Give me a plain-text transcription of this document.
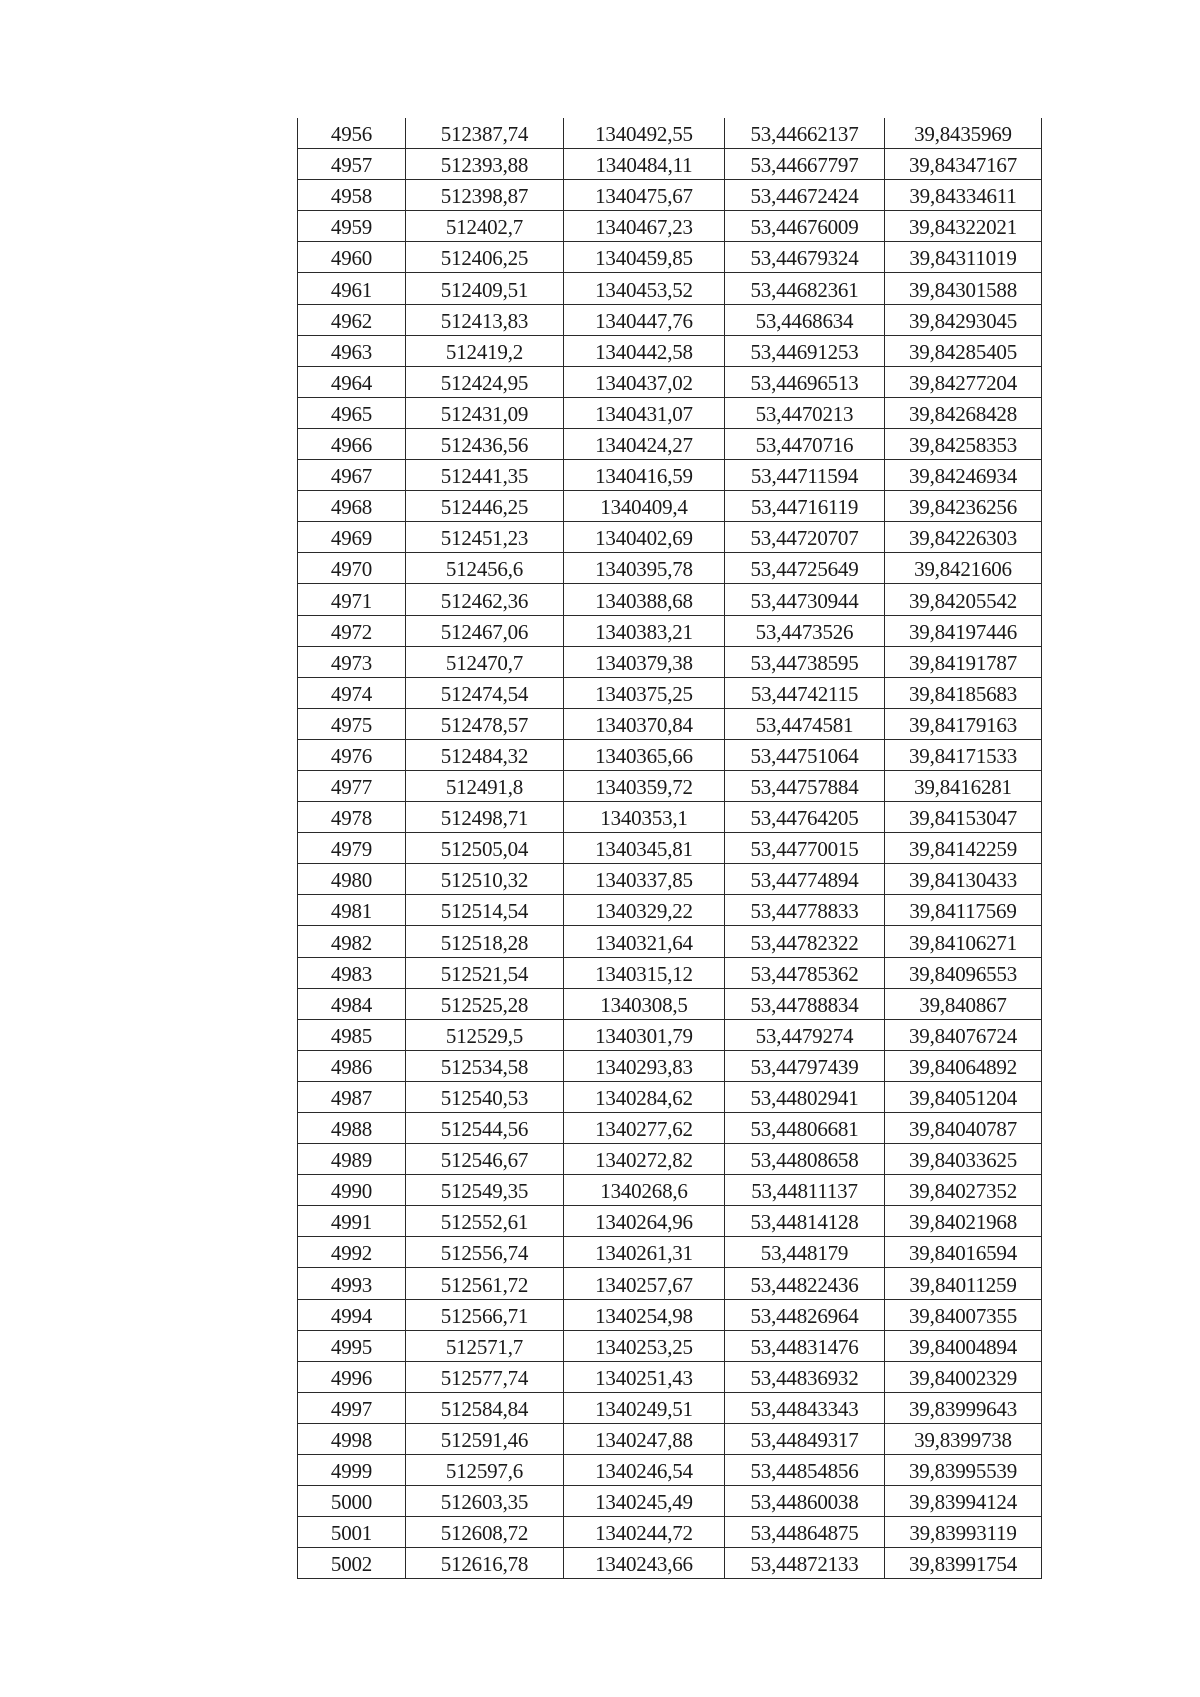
4956	512387,74	1340492,55	53,44662137	39,8435969
4957	512393,88	1340484,11	53,44667797	39,84347167
4958	512398,87	1340475,67	53,44672424	39,84334611
4959	512402,7	1340467,23	53,44676009	39,84322021
4960	512406,25	1340459,85	53,44679324	39,84311019
4961	512409,51	1340453,52	53,44682361	39,84301588
4962	512413,83	1340447,76	53,4468634	39,84293045
4963	512419,2	1340442,58	53,44691253	39,84285405
4964	512424,95	1340437,02	53,44696513	39,84277204
4965	512431,09	1340431,07	53,4470213	39,84268428
4966	512436,56	1340424,27	53,4470716	39,84258353
4967	512441,35	1340416,59	53,44711594	39,84246934
4968	512446,25	1340409,4	53,44716119	39,84236256
4969	512451,23	1340402,69	53,44720707	39,84226303
4970	512456,6	1340395,78	53,44725649	39,8421606
4971	512462,36	1340388,68	53,44730944	39,84205542
4972	512467,06	1340383,21	53,4473526	39,84197446
4973	512470,7	1340379,38	53,44738595	39,84191787
4974	512474,54	1340375,25	53,44742115	39,84185683
4975	512478,57	1340370,84	53,4474581	39,84179163
4976	512484,32	1340365,66	53,44751064	39,84171533
4977	512491,8	1340359,72	53,44757884	39,8416281
4978	512498,71	1340353,1	53,44764205	39,84153047
4979	512505,04	1340345,81	53,44770015	39,84142259
4980	512510,32	1340337,85	53,44774894	39,84130433
4981	512514,54	1340329,22	53,44778833	39,84117569
4982	512518,28	1340321,64	53,44782322	39,84106271
4983	512521,54	1340315,12	53,44785362	39,84096553
4984	512525,28	1340308,5	53,44788834	39,840867
4985	512529,5	1340301,79	53,4479274	39,84076724
4986	512534,58	1340293,83	53,44797439	39,84064892
4987	512540,53	1340284,62	53,44802941	39,84051204
4988	512544,56	1340277,62	53,44806681	39,84040787
4989	512546,67	1340272,82	53,44808658	39,84033625
4990	512549,35	1340268,6	53,44811137	39,84027352
4991	512552,61	1340264,96	53,44814128	39,84021968
4992	512556,74	1340261,31	53,448179	39,84016594
4993	512561,72	1340257,67	53,44822436	39,84011259
4994	512566,71	1340254,98	53,44826964	39,84007355
4995	512571,7	1340253,25	53,44831476	39,84004894
4996	512577,74	1340251,43	53,44836932	39,84002329
4997	512584,84	1340249,51	53,44843343	39,83999643
4998	512591,46	1340247,88	53,44849317	39,8399738
4999	512597,6	1340246,54	53,44854856	39,83995539
5000	512603,35	1340245,49	53,44860038	39,83994124
5001	512608,72	1340244,72	53,44864875	39,83993119
5002	512616,78	1340243,66	53,44872133	39,83991754
